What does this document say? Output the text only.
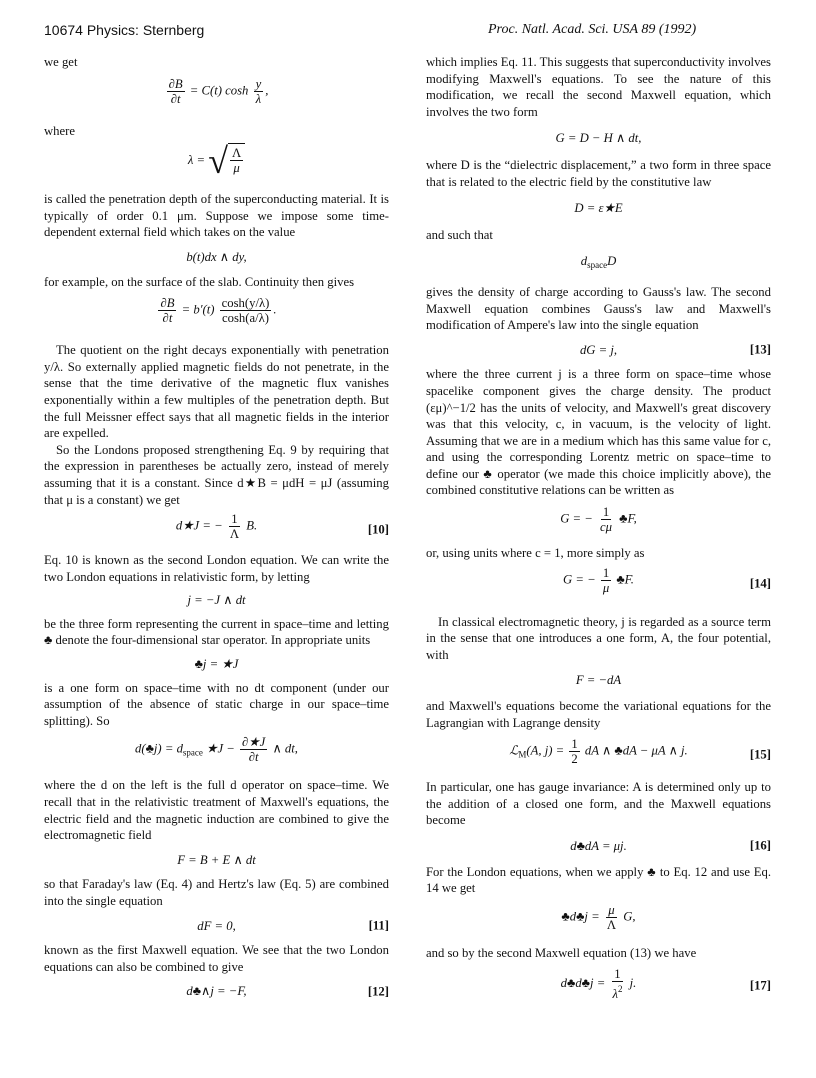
10674 Physics: Sternberg	Proc. Natl. Acad. Sci. USA 89 (1992)

we get

$\frac{\partial B}{\partial t} = C(t)$ $\cosh \frac{y}{\lambda}$ ,

where

λ = √ $\frac{\Lambda}{\mu}$

is called the penetration depth of the superconducting material. It is typically of order 0.1 μm. Suppose we impose some time-dependent external field which takes on the value

b(t)dx ∧ dy,

for example, on the surface of the slab. Continuity then gives

$\frac{\partial B}{\partial t} = b'(t) \frac{\cosh(y/\lambda)}{\cosh(a/\lambda)}$ .

The quotient on the right decays exponentially with penetration y/λ. So externally applied magnetic fields do not penetrate, in the sense that the time derivative of the magnetic flux vanishes exponentially within a few multiples of the penetration depth. But the full Meissner effect says that all magnetic fields in the interior are expelled.

So the Londons proposed strengthening Eq. 9 by requiring that the expression in parentheses be actually zero, instead of merely assuming that it is a constant. Since d★B = μdH = μJ (assuming that μ is a constant) we get

d★J = − $\frac{1}{\Lambda} B$.	[10]

Eq. 10 is known as the second London equation. We can write the two London equations in relativistic form, by letting

j = −J ∧ dt

be the three form representing the current in space–time and letting ♣ denote the four-dimensional star operator. In appropriate units

♣j = ★J

is a one form on space–time with no dt component (under our assumption of the absence of static charge in our space–time splitting). So

d(♣j) = $d_{space}$ ★J − $\frac{\partial★J}{\partial t}$ ∧ dt,

where the d on the left is the full d operator on space–time. We recall that in the relativistic treatment of Maxwell's equations, the electric field and the magnetic induction are combined to give the electromagnetic field

F = B + E ∧ dt

so that Faraday's law (Eq. 4) and Hertz's law (Eq. 5) are combined into the single equation

dF = 0,	[11]

known as the first Maxwell equation. We see that the two London equations can also be combined to give

d♣∧j = −F,	[12]

which implies Eq. 11. This suggests that superconductivity involves modifying Maxwell's equations. To see the nature of this modification, we recall the second Maxwell equation, which involves the two form

G = D − H ∧ dt,

where D is the “dielectric displacement,” a two form in three space that is related to the electric field by the constitutive law

D = ε★E

and such that

$d_{space}D$

gives the density of charge according to Gauss's law. The second Maxwell equation combines Gauss's law and Maxwell's modification of Ampere's law into the single equation

dG = j,	[13]

where the three current j is a three form on space–time whose spacelike component gives the charge density. The product (εμ)^−1/2 has the units of velocity, and Maxwell's great discovery was that this velocity, c, in vacuum, is the velocity of light. Assuming that we are in a medium which has this same value for c, and using the corresponding Lorentz metric on space–time to define our ♣ operator (we made this choice implicitly above), the combined constitutive relations can be written as

G = − $\frac{1}{c\mu}$ ♣F,

or, using units where c = 1, more simply as

G = − $\frac{1}{\mu}$ ♣F.	[14]

In classical electromagnetic theory, j is regarded as a source term in the sense that one introduces a one form, A, the four potential, with

F = −dA

and Maxwell's equations become the variational equations for the Lagrangian with Lagrange density

ℒ$_M$(A, $j) = \frac{1}{2}$ dA ∧ ♣dA − μA ∧ j.	[15]

In particular, one has gauge invariance: A is determined only up to the addition of a closed one form, and the Maxwell equations become

d♣dA = μj.	[16]

For the London equations, when we apply ♣ to Eq. 12 and use Eq. 14 we get

♣d♣j = $\frac{\mu}{\Lambda} G$,

and so by the second Maxwell equation (13) we have

d♣d♣j = $\frac{1}{\lambda^2} j$.	[17]
